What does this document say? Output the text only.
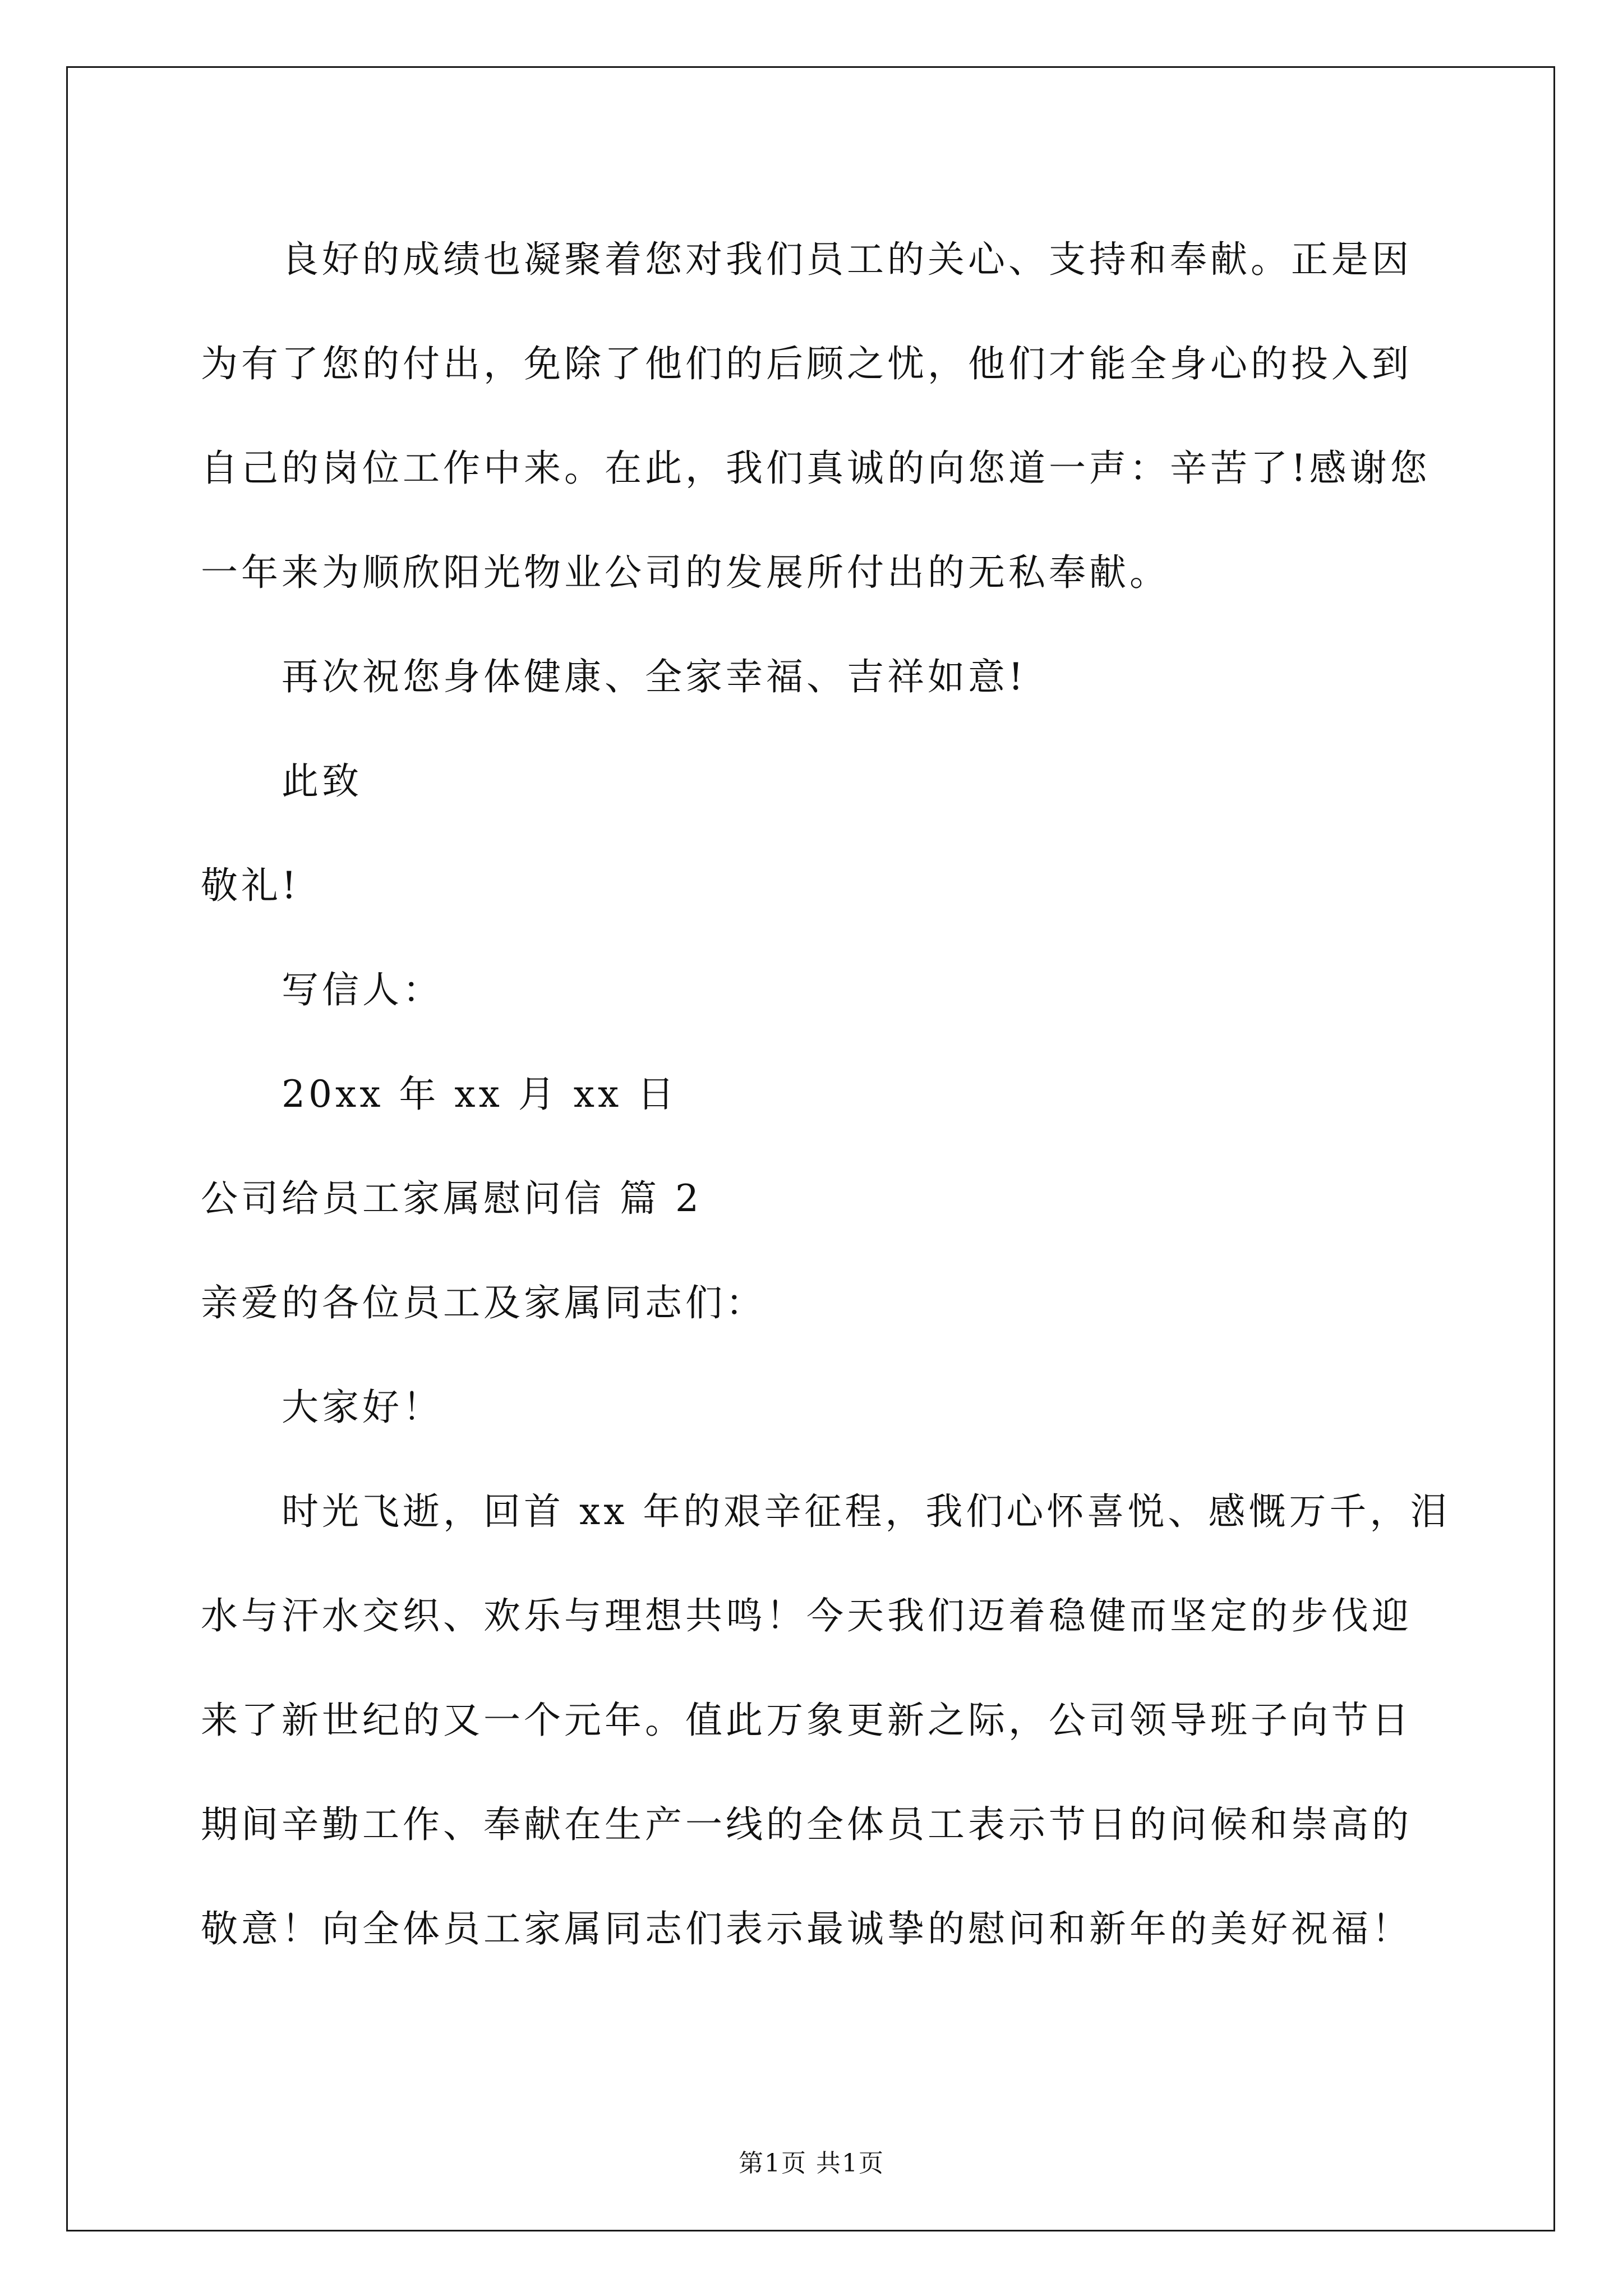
良好的成绩也凝聚着您对我们员工的关心、支持和奉献。正是因
为有了您的付出，免除了他们的后顾之忧，他们才能全身心的投入到
自己的岗位工作中来。在此，我们真诚的向您道一声：辛苦了!感谢您
一年来为顺欣阳光物业公司的发展所付出的无私奉献。

再次祝您身体健康、全家幸福、吉祥如意!

此致

敬礼!

写信人：

20xx 年 xx 月 xx 日

公司给员工家属慰问信 篇 2

亲爱的各位员工及家属同志们：

大家好！

时光飞逝，回首 xx 年的艰辛征程，我们心怀喜悦、感慨万千，泪
水与汗水交织、欢乐与理想共鸣！今天我们迈着稳健而坚定的步伐迎
来了新世纪的又一个元年。值此万象更新之际，公司领导班子向节日
期间辛勤工作、奉献在生产一线的全体员工表示节日的问候和崇高的
敬意！向全体员工家属同志们表示最诚挚的慰问和新年的美好祝福！

第1页 共1页
